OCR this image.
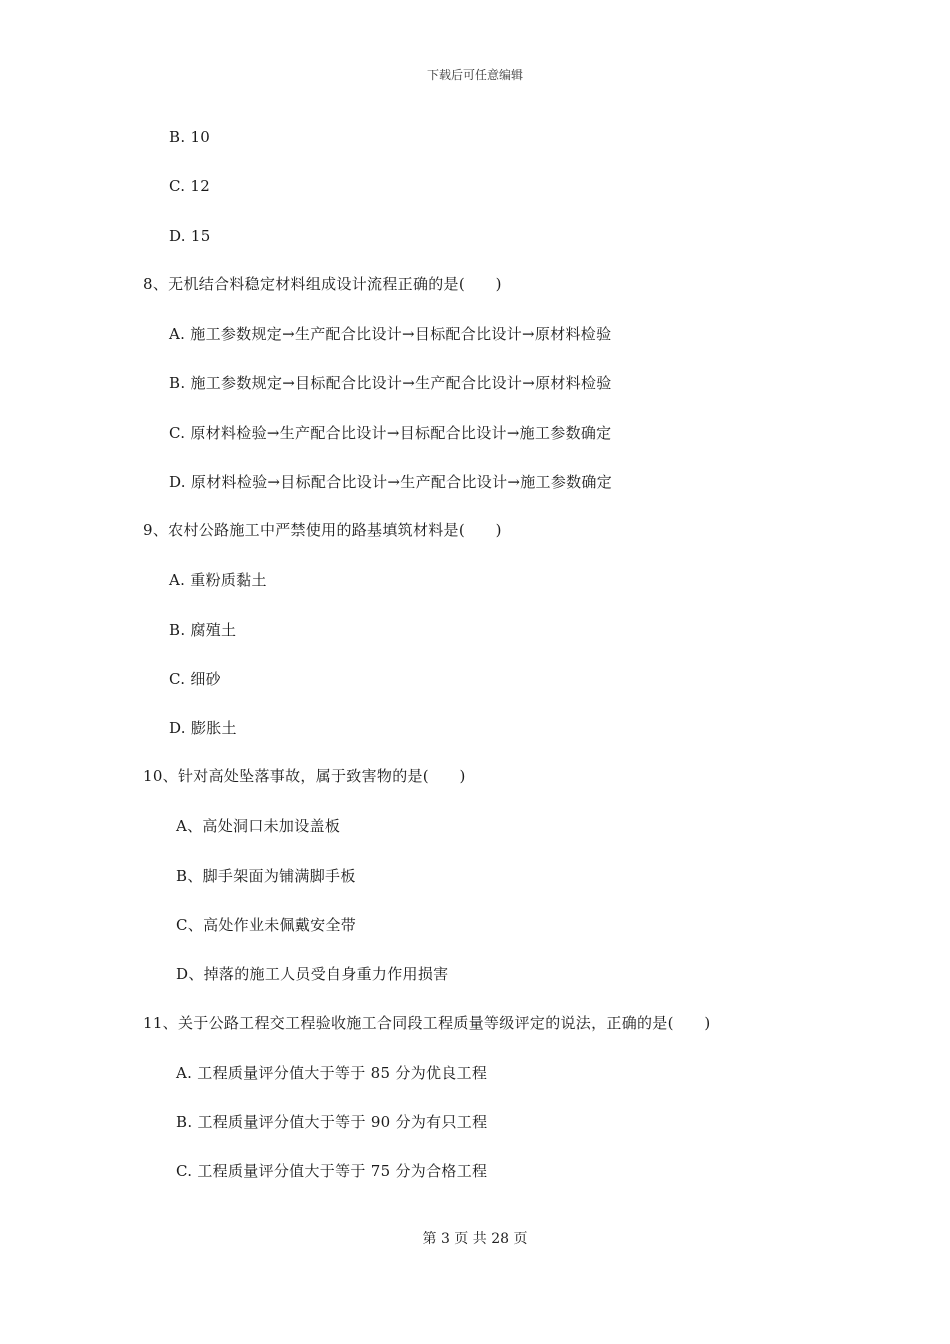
下载后可任意编辑
B. 10
C. 12
D. 15
8、无机结合料稳定材料组成设计流程正确的是(　　)
A. 施工参数规定→生产配合比设计→目标配合比设计→原材料检验
B. 施工参数规定→目标配合比设计→生产配合比设计→原材料检验
C. 原材料检验→生产配合比设计→目标配合比设计→施工参数确定
D. 原材料检验→目标配合比设计→生产配合比设计→施工参数确定
9、农村公路施工中严禁使用的路基填筑材料是(　　)
A. 重粉质黏土
B. 腐殖土
C. 细砂
D. 膨胀土
10、针对高处坠落事故，属于致害物的是(　　)
A、高处洞口未加设盖板
B、脚手架面为铺满脚手板
C、高处作业未佩戴安全带
D、掉落的施工人员受自身重力作用损害
11、关于公路工程交工程验收施工合同段工程质量等级评定的说法，正确的是(　　)
A. 工程质量评分值大于等于 85 分为优良工程
B. 工程质量评分值大于等于 90 分为有只工程
C. 工程质量评分值大于等于 75 分为合格工程
第 3 页 共 28 页
